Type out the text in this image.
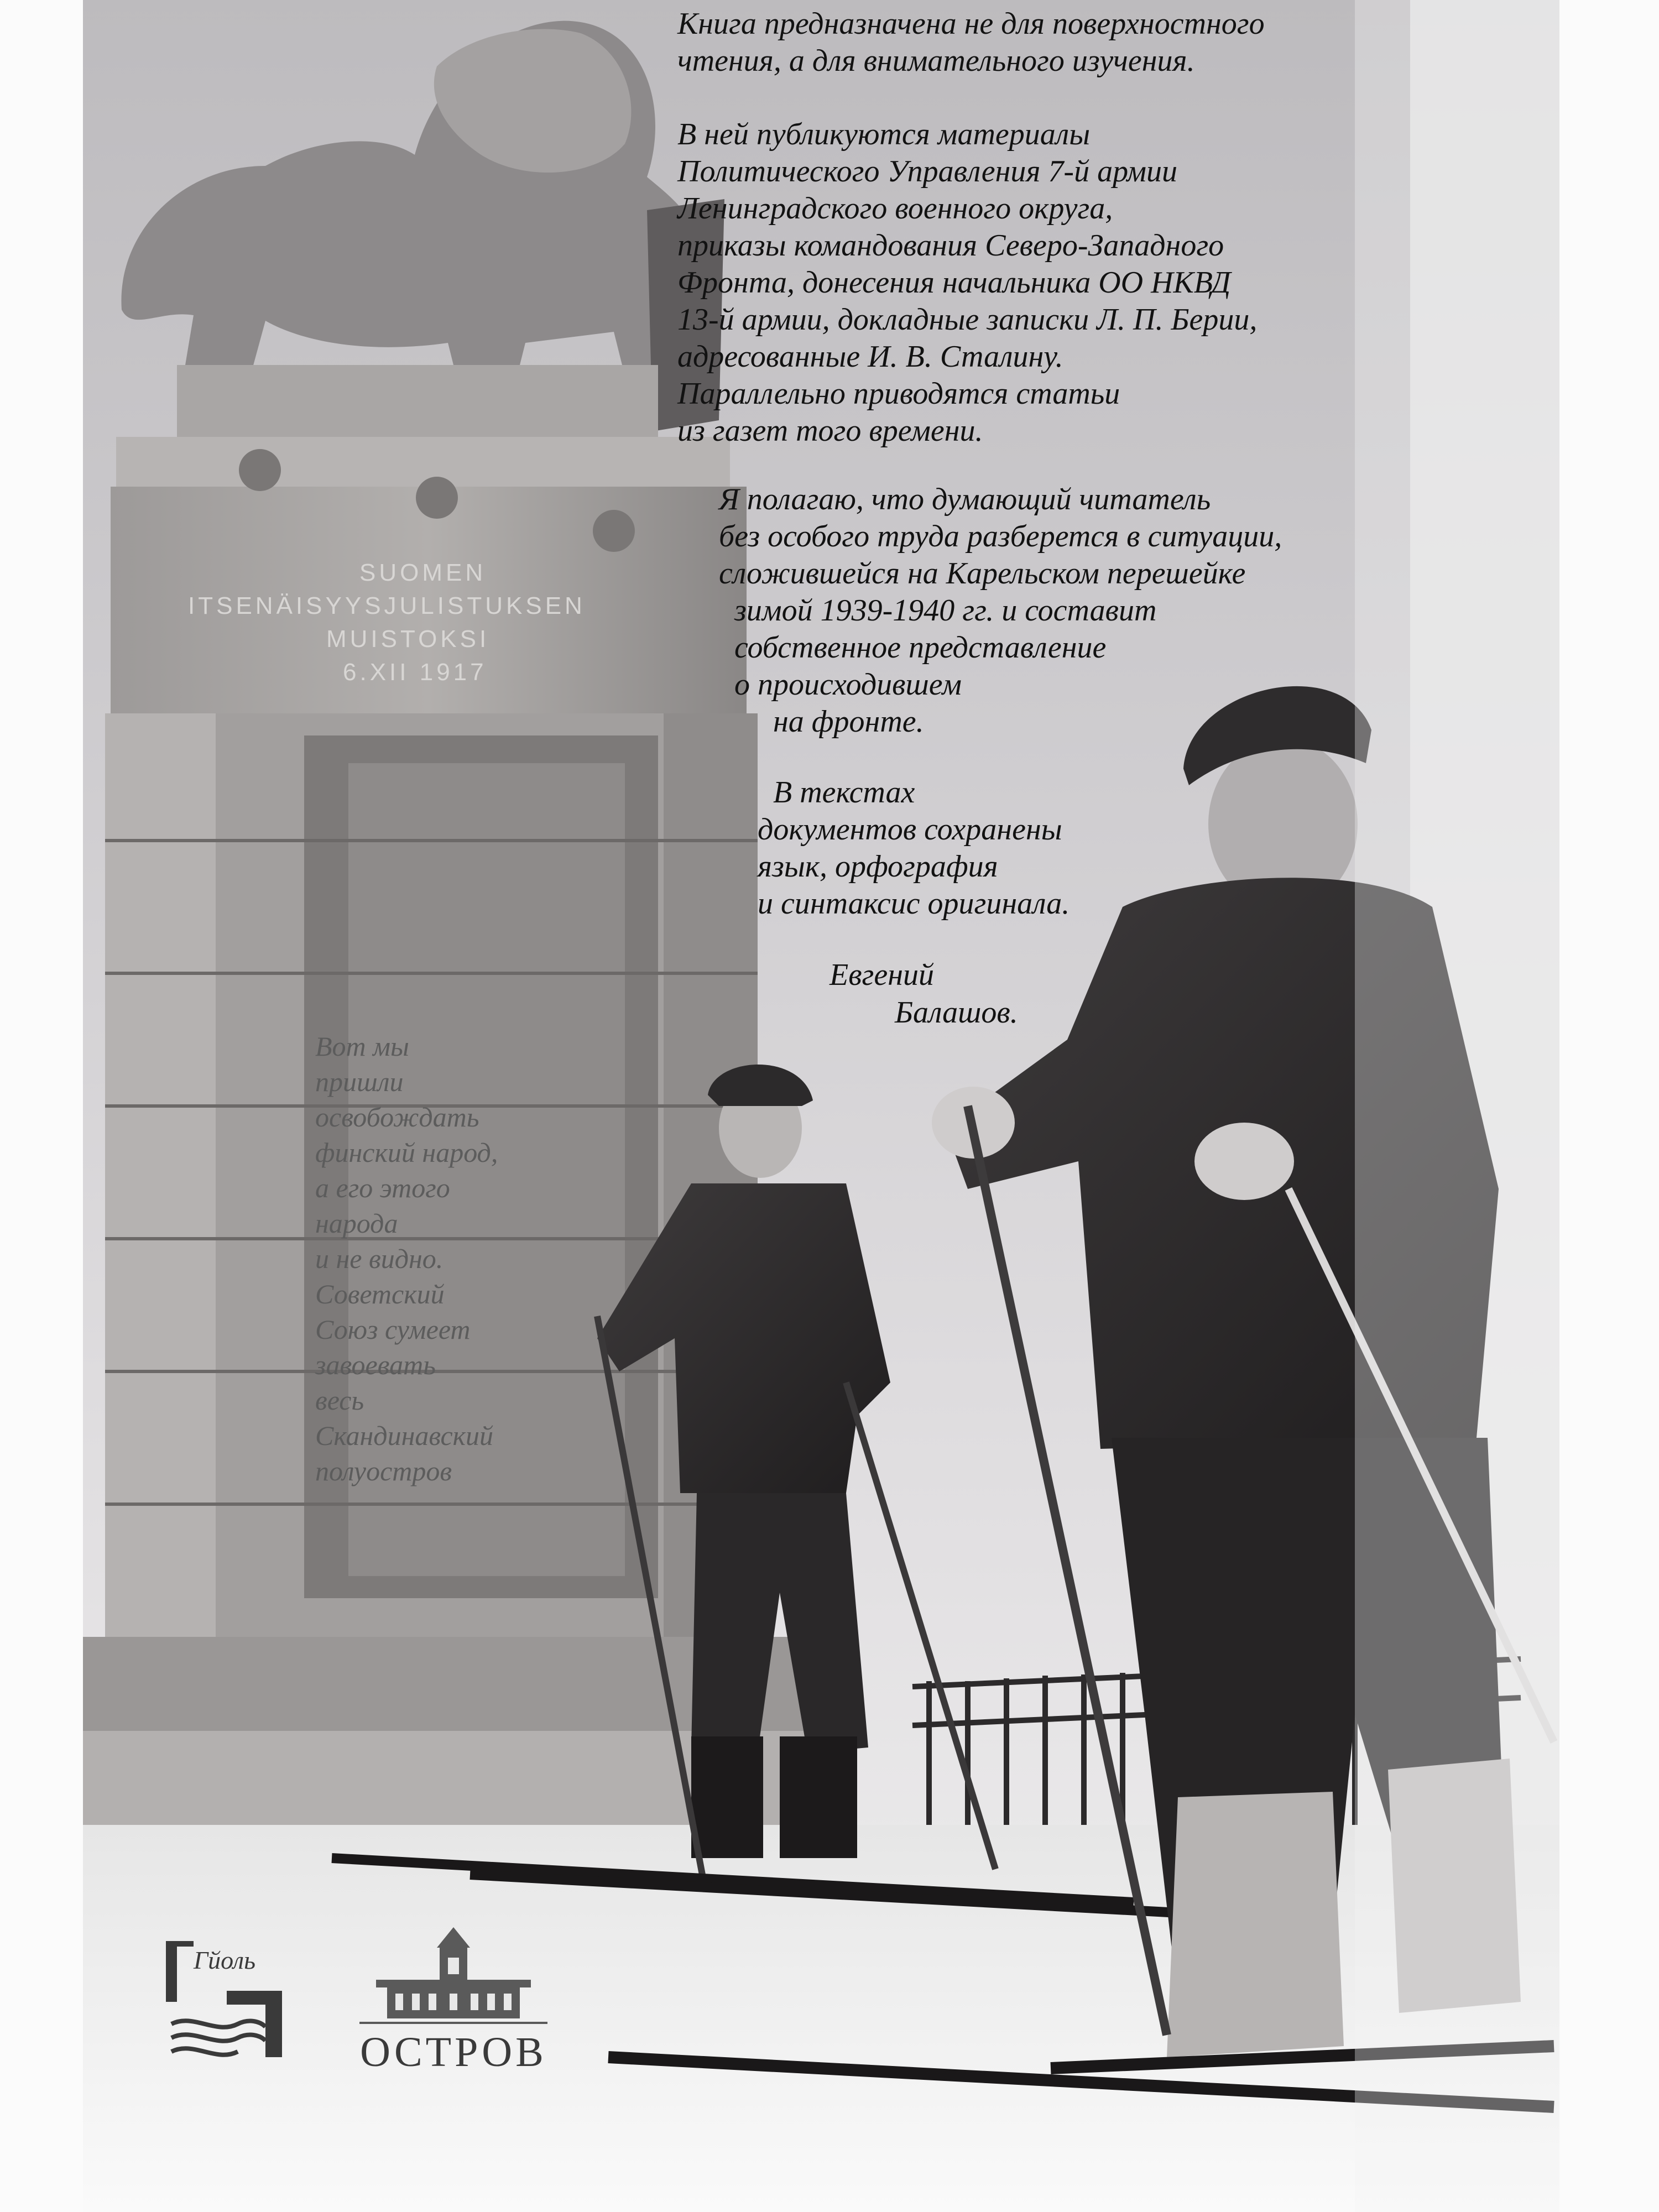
SUOMEN
ITSENÄISYYSJULISTUKSEN
MUISTOKSI
6.XII 1917

Книга предназначена не для поверхностного

чтения, а для внимательного изучения.

В ней публикуются материалы

Политического Управления 7-й армии

Ленинградского военного округа,

приказы командования Северо-Западного

Фронта, донесения начальника ОО НКВД

13-й армии, докладные записки Л. П. Берии,

адресованные И. В. Сталину.

Параллельно приводятся статьи

из газет того времени.

Я полагаю, что думающий читатель

без особого труда разберется в ситуации,

сложившейся на Карельском перешейке

зимой 1939-1940 гг. и составит

собственное представление

о происходившем

на фронте.

В текстах

документов сохранены

язык, орфография

и синтаксис оригинала.

Евгений
Балашов.

Вот мы

пришли

освобождать

финский народ,

а его этого

народа

и не видно.

Советский

Союз сумеет

завоевать

весь

Скандинавский

полуостров

Гйоль
ОСТРОВ
